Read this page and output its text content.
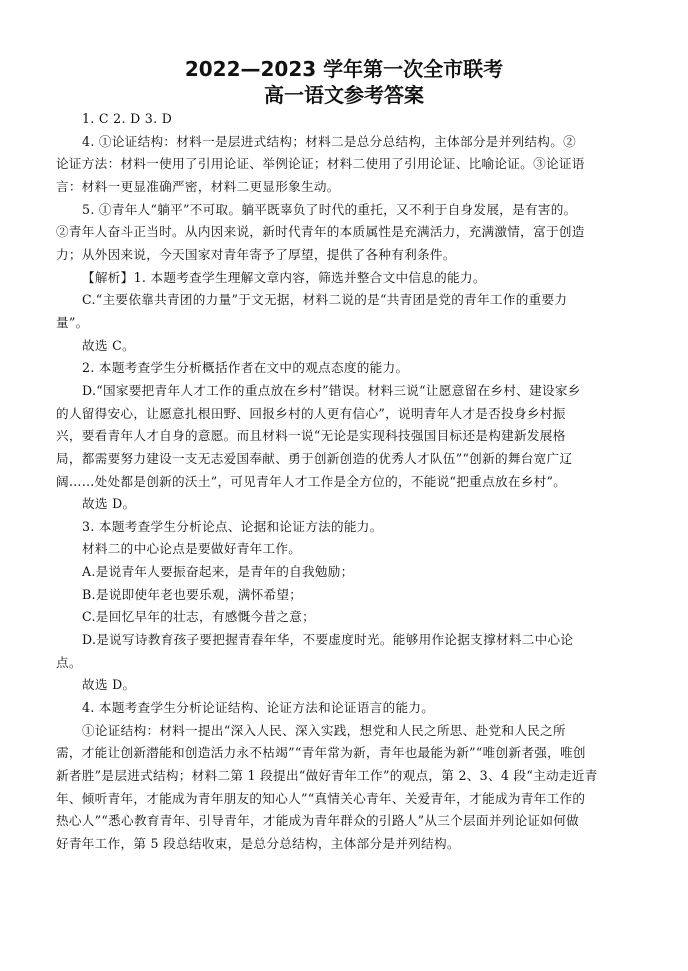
2022—2023 学年第一次全市联考
高一语文参考答案

1. C 2. D 3. D

4. ①论证结构：材料一是层进式结构；材料二是总分总结构，主体部分是并列结构。②

论证方法：材料一使用了引用论证、举例论证；材料二使用了引用论证、比喻论证。③论证语

言：材料一更显准确严密，材料二更显形象生动。

5. ①青年人“躺平”不可取。躺平既辜负了时代的重托，又不利于自身发展，是有害的。

②青年人奋斗正当时。从内因来说，新时代青年的本质属性是充满活力，充满激情，富于创造

力；从外因来说，今天国家对青年寄予了厚望，提供了各种有利条件。

【解析】1. 本题考查学生理解文章内容，筛选并整合文中信息的能力。

C.“主要依靠共青团的力量”于文无据，材料二说的是“共青团是党的青年工作的重要力

量”。

故选 C。

2. 本题考查学生分析概括作者在文中的观点态度的能力。

D.“国家要把青年人才工作的重点放在乡村”错误。材料三说“让愿意留在乡村、建设家乡

的人留得安心，让愿意扎根田野、回报乡村的人更有信心”，说明青年人才是否投身乡村振

兴，要看青年人才自身的意愿。而且材料一说“无论是实现科技强国目标还是构建新发展格

局，都需要努力建设一支无志爱国奉献、勇于创新创造的优秀人才队伍”“创新的舞台宽广辽

阔……处处都是创新的沃土”，可见青年人才工作是全方位的，不能说“把重点放在乡村”。

故选 D。

3. 本题考查学生分析论点、论据和论证方法的能力。

材料二的中心论点是要做好青年工作。

A.是说青年人要振奋起来，是青年的自我勉励；

B.是说即使年老也要乐观，满怀希望；

C.是回忆早年的壮志，有感慨今昔之意；

D.是说写诗教育孩子要把握青春年华，不要虚度时光。能够用作论据支撑材料二中心论

点。

故选 D。

4. 本题考查学生分析论证结构、论证方法和论证语言的能力。

①论证结构：材料一提出“深入人民、深入实践，想党和人民之所思、赴党和人民之所

需，才能让创新潜能和创造活力永不枯竭”“青年常为新，青年也最能为新”“唯创新者强，唯创

新者胜”是层进式结构；材料二第 1 段提出“做好青年工作”的观点，第 2、3、4 段“主动走近青

年、倾听青年，才能成为青年朋友的知心人”“真情关心青年、关爱青年，才能成为青年工作的

热心人”“悉心教育青年、引导青年，才能成为青年群众的引路人”从三个层面并列论证如何做

好青年工作，第 5 段总结收束，是总分总结构，主体部分是并列结构。
